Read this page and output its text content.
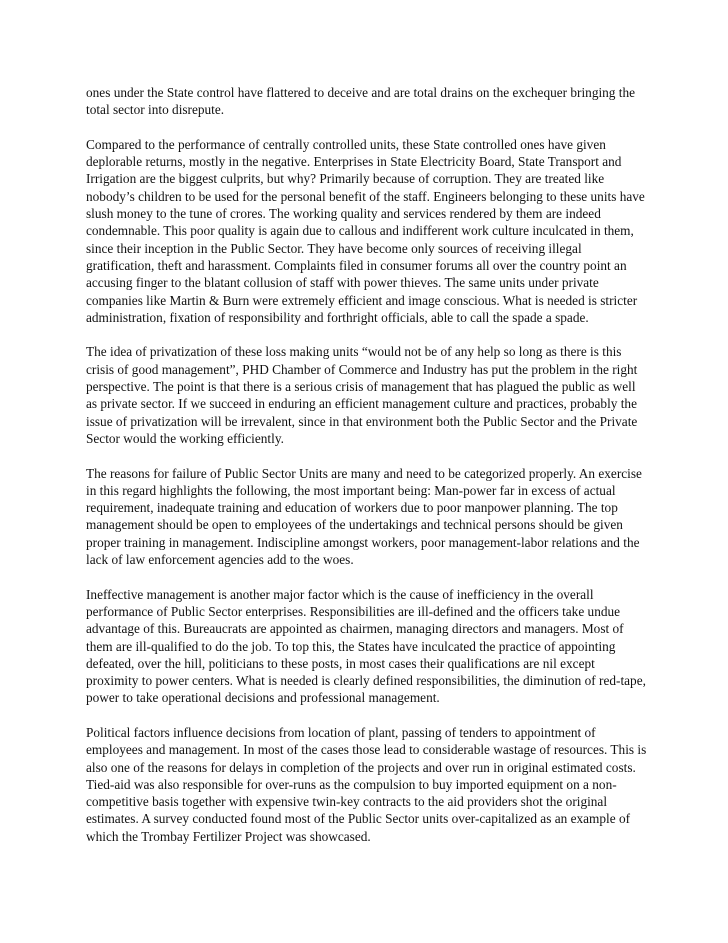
ones under the State control have flattered to deceive and are total drains on the exchequer bringing the total sector into disrepute.

Compared to the performance of centrally controlled units, these State controlled ones have given deplorable returns, mostly in the negative. Enterprises in State Electricity Board, State Transport and Irrigation are the biggest culprits, but why? Primarily because of corruption. They are treated like nobody’s children to be used for the personal benefit of the staff. Engineers belonging to these units have slush money to the tune of crores. The working quality and services rendered by them are indeed condemnable. This poor quality is again due to callous and indifferent work culture inculcated in them, since their inception in the Public Sector. They have become only sources of receiving illegal gratification, theft and harassment. Complaints filed in consumer forums all over the country point an accusing finger to the blatant collusion of staff with power thieves. The same units under private companies like Martin & Burn were extremely efficient and image conscious. What is needed is stricter administration, fixation of responsibility and forthright officials, able to call the spade a spade.

The idea of privatization of these loss making units “would not be of any help so long as there is this crisis of good management”, PHD Chamber of Commerce and Industry has put the problem in the right perspective. The point is that there is a serious crisis of management that has plagued the public as well as private sector. If we succeed in enduring an efficient management culture and practices, probably the issue of privatization will be irrevalent, since in that environment both the Public Sector and the Private Sector would the working efficiently.

The reasons for failure of Public Sector Units are many and need to be categorized properly. An exercise in this regard highlights the following, the most important being: Man-power far in excess of actual requirement, inadequate training and education of workers due to poor manpower planning. The top management should be open to employees of the undertakings and technical persons should be given proper training in management. Indiscipline amongst workers, poor management-labor relations and the lack of law enforcement agencies add to the woes.

Ineffective management is another major factor which is the cause of inefficiency in the overall performance of Public Sector enterprises. Responsibilities are ill-defined and the officers take undue advantage of this. Bureaucrats are appointed as chairmen, managing directors and managers. Most of them are ill-qualified to do the job. To top this, the States have inculcated the practice of appointing defeated, over the hill, politicians to these posts, in most cases their qualifications are nil except proximity to power centers. What is needed is clearly defined responsibilities, the diminution of red-tape, power to take operational decisions and professional management.

Political factors influence decisions from location of plant, passing of tenders to appointment of employees and management. In most of the cases those lead to considerable wastage of resources. This is also one of the reasons for delays in completion of the projects and over run in original estimated costs. Tied-aid was also responsible for over-runs as the compulsion to buy imported equipment on a non-competitive basis together with expensive twin-key contracts to the aid providers shot the original estimates. A survey conducted found most of the Public Sector units over-capitalized as an example of which the Trombay Fertilizer Project was showcased.
